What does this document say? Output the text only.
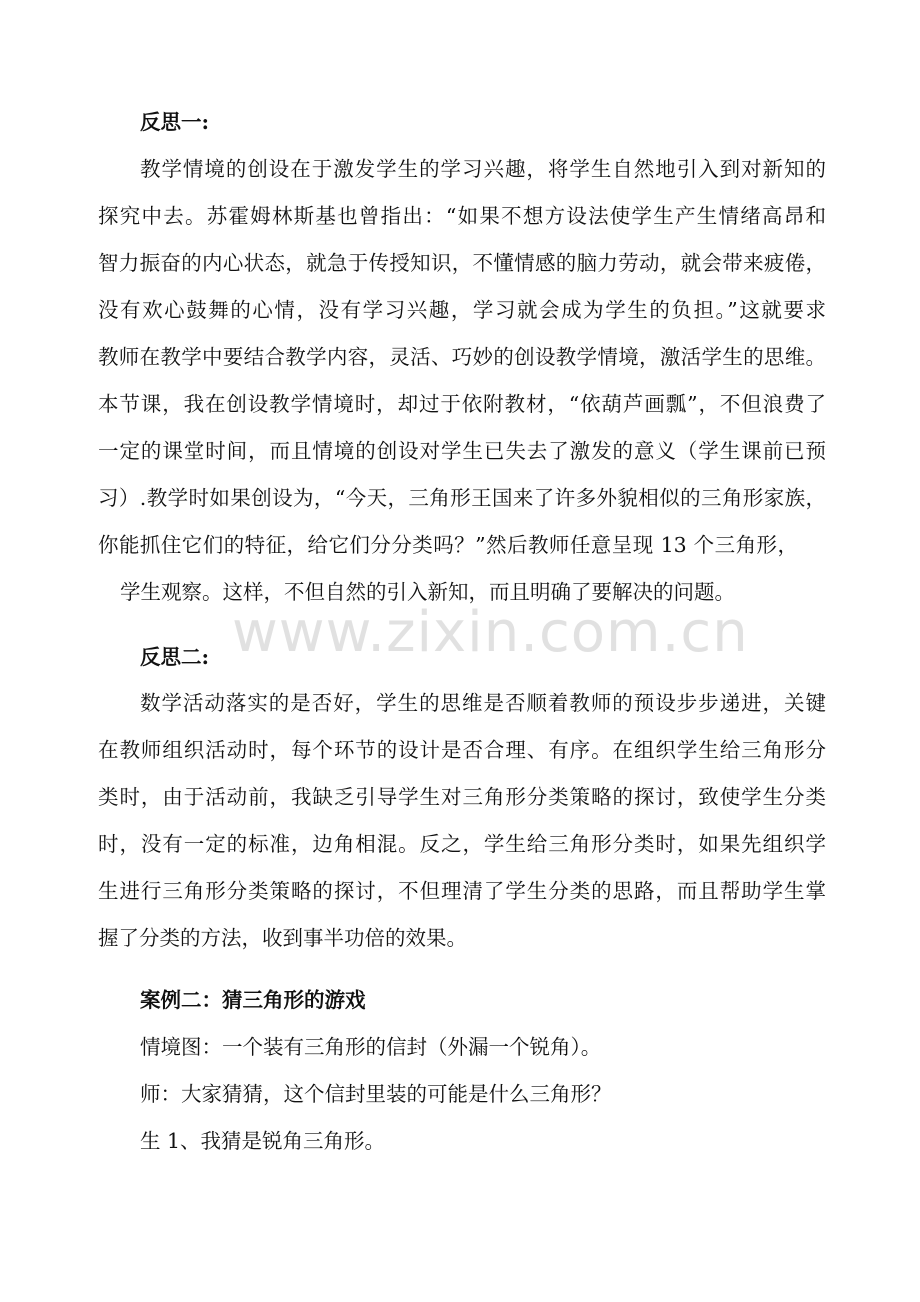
www.zixin.com.cn
反思一:
教学情境的创设在于激发学生的学习兴趣，将学生自然地引入到对新知的
探究中去。苏霍姆林斯基也曾指出：“如果不想方设法使学生产生情绪高昂和
智力振奋的内心状态，就急于传授知识，不懂情感的脑力劳动，就会带来疲倦，
没有欢心鼓舞的心情，没有学习兴趣，学习就会成为学生的负担。”这就要求
教师在教学中要结合教学内容，灵活、巧妙的创设教学情境，激活学生的思维。
本节课，我在创设教学情境时，却过于依附教材，“依葫芦画瓢”，不但浪费了
一定的课堂时间，而且情境的创设对学生已失去了激发的意义（学生课前已预
习）.教学时如果创设为，“今天，三角形王国来了许多外貌相似的三角形家族，
你能抓住它们的特征，给它们分分类吗？”然后教师任意呈现 13 个三角形，
学生观察。这样，不但自然的引入新知，而且明确了要解决的问题。
反思二:
数学活动落实的是否好，学生的思维是否顺着教师的预设步步递进，关键
在教师组织活动时，每个环节的设计是否合理、有序。在组织学生给三角形分
类时，由于活动前，我缺乏引导学生对三角形分类策略的探讨，致使学生分类
时，没有一定的标准，边角相混。反之，学生给三角形分类时，如果先组织学
生进行三角形分类策略的探讨，不但理清了学生分类的思路，而且帮助学生掌
握了分类的方法，收到事半功倍的效果。
案例二：猜三角形的游戏
情境图：一个装有三角形的信封（外漏一个锐角）。
师：大家猜猜，这个信封里装的可能是什么三角形？
生 1、我猜是锐角三角形。
